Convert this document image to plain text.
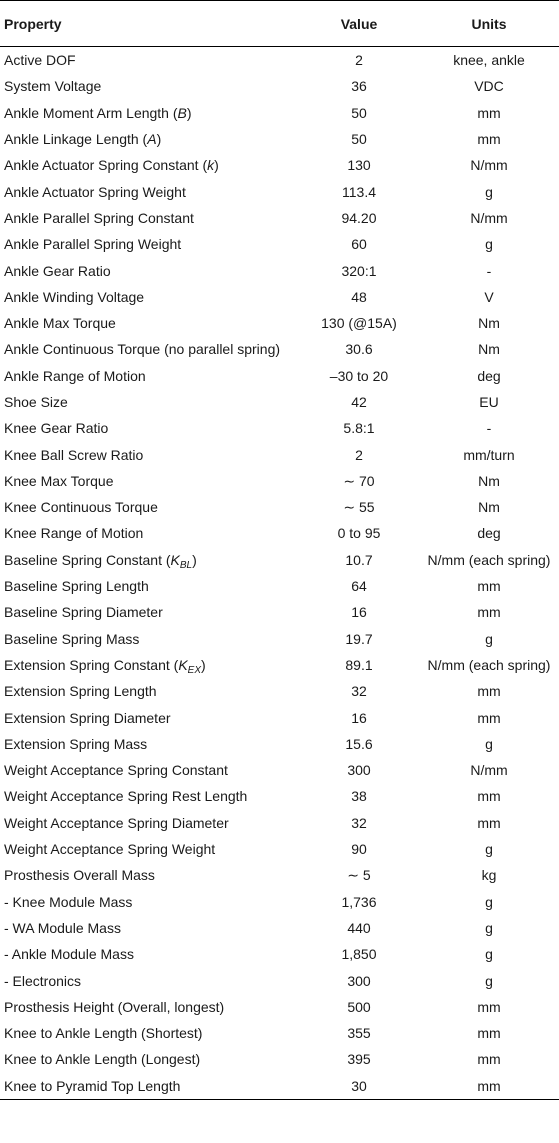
Property	Value	Units
Active DOF	2	knee, ankle
System Voltage	36	VDC
Ankle Moment Arm Length (B)	50	mm
Ankle Linkage Length (A)	50	mm
Ankle Actuator Spring Constant (k)	130	N/mm
Ankle Actuator Spring Weight	113.4	g
Ankle Parallel Spring Constant	94.20	N/mm
Ankle Parallel Spring Weight	60	g
Ankle Gear Ratio	320:1	-
Ankle Winding Voltage	48	V
Ankle Max Torque	130 (@15A)	Nm
Ankle Continuous Torque (no parallel spring)	30.6	Nm
Ankle Range of Motion	–30 to 20	deg
Shoe Size	42	EU
Knee Gear Ratio	5.8:1	-
Knee Ball Screw Ratio	2	mm/turn
Knee Max Torque	∼ 70	Nm
Knee Continuous Torque	∼ 55	Nm
Knee Range of Motion	0 to 95	deg
Baseline Spring Constant $(K_{BL})$	10.7	N/mm (each spring)
Baseline Spring Length	64	mm
Baseline Spring Diameter	16	mm
Baseline Spring Mass	19.7	g
Extension Spring Constant $(K_{EX})$	89.1	N/mm (each spring)
Extension Spring Length	32	mm
Extension Spring Diameter	16	mm
Extension Spring Mass	15.6	g
Weight Acceptance Spring Constant	300	N/mm
Weight Acceptance Spring Rest Length	38	mm
Weight Acceptance Spring Diameter	32	mm
Weight Acceptance Spring Weight	90	g
Prosthesis Overall Mass	∼ 5	kg
- Knee Module Mass	1,736	g
- WA Module Mass	440	g
- Ankle Module Mass	1,850	g
- Electronics	300	g
Prosthesis Height (Overall, longest)	500	mm
Knee to Ankle Length (Shortest)	355	mm
Knee to Ankle Length (Longest)	395	mm
Knee to Pyramid Top Length	30	mm
